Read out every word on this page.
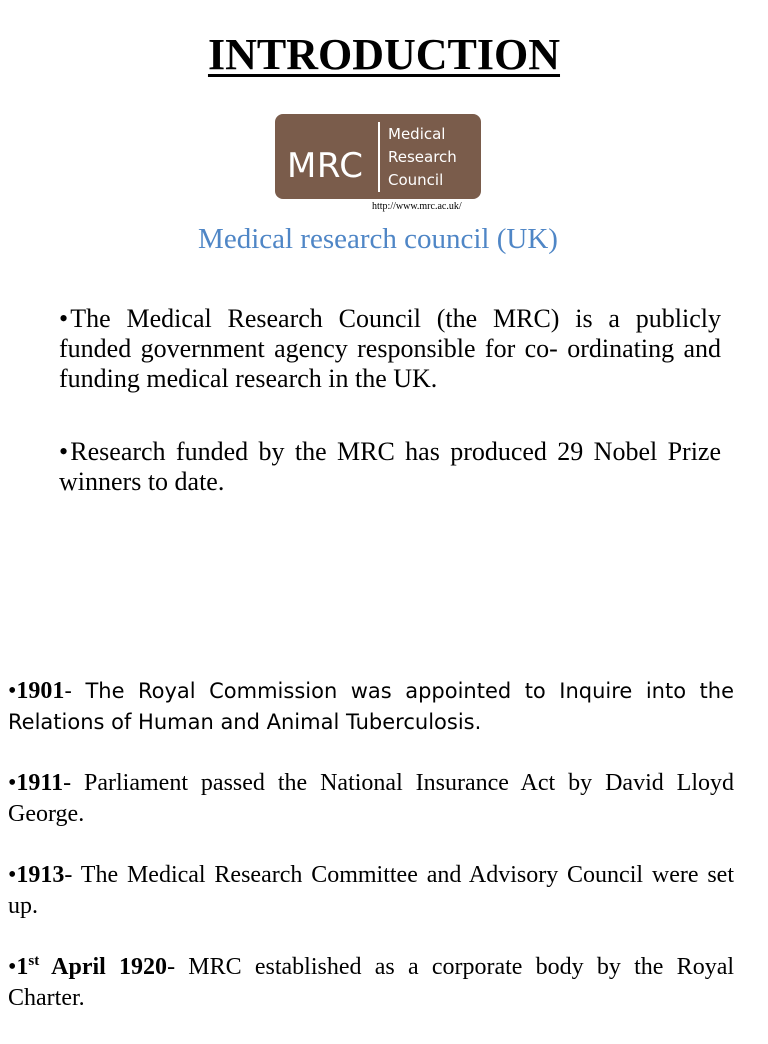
INTRODUCTION
MRC
Medical
Research
Council
http://www.mrc.ac.uk/
Medical research council (UK)

• The Medical Research Council (the MRC) is a publicly funded government agency responsible for co- ordinating and funding medical research in the UK.

• Research funded by the MRC has produced 29 Nobel Prize winners to date.

•1901- The Royal Commission was appointed to Inquire into the Relations of Human and Animal Tuberculosis.

•1911- Parliament passed the National Insurance Act by David Lloyd George.

•1913- The Medical Research Committee and Advisory Council were set up.

•1st April 1920- MRC established as a corporate body by the Royal Charter.
